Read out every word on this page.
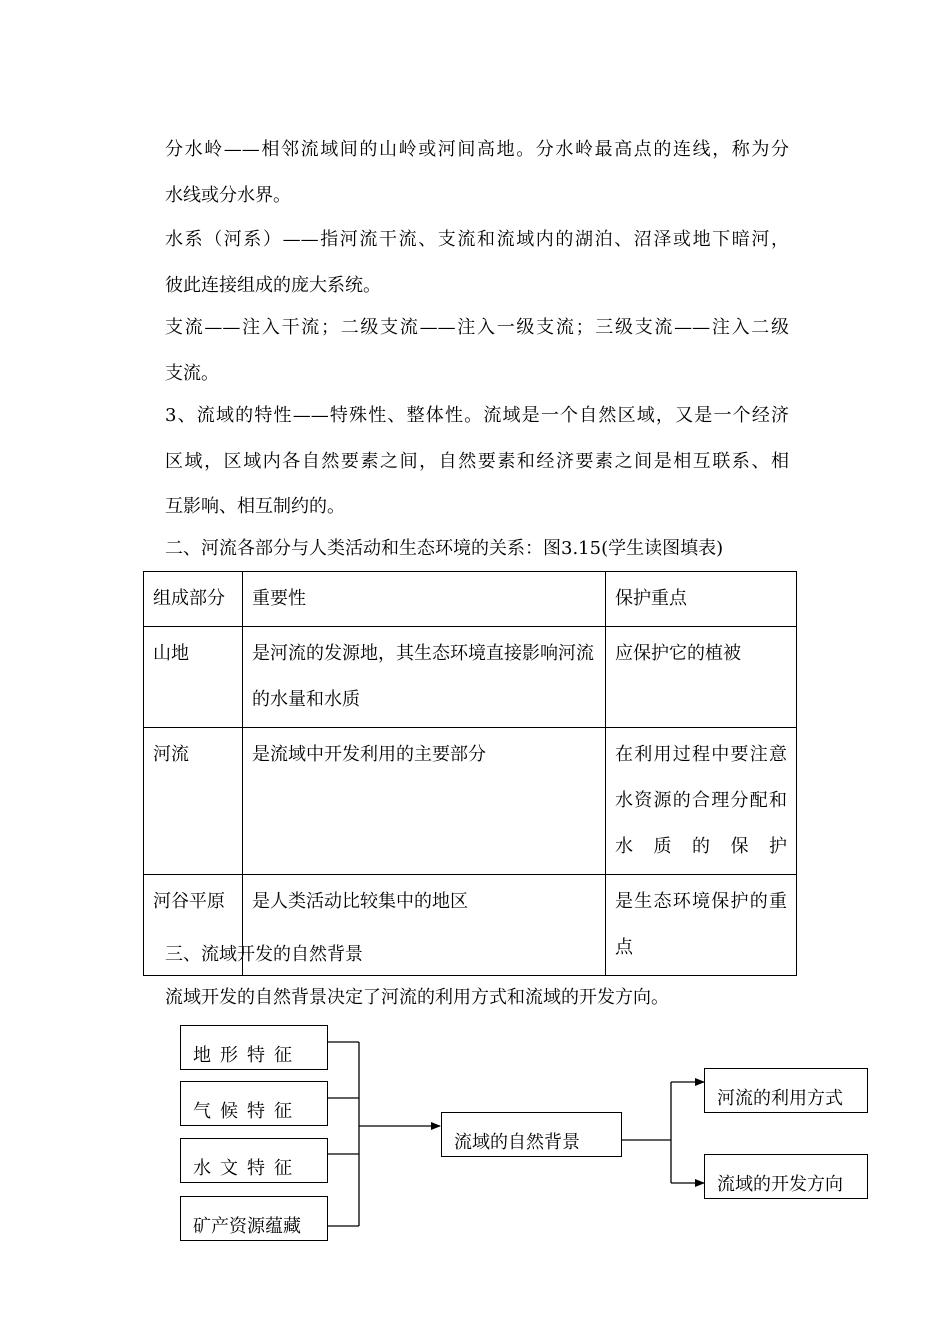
分水岭——相邻流域间的山岭或河间高地。分水岭最高点的连线，称为分

水线或分水界。

水系（河系）——指河流干流、支流和流域内的湖泊、沼泽或地下暗河，

彼此连接组成的庞大系统。

支流——注入干流；二级支流——注入一级支流；三级支流——注入二级

支流。

3、流域的特性——特殊性、整体性。流域是一个自然区域，又是一个经济

区域，区域内各自然要素之间，自然要素和经济要素之间是相互联系、相

互影响、相互制约的。

二、河流各部分与人类活动和生态环境的关系：图3.15(学生读图填表)

组成部分	重要性	保护重点
山地	是河流的发源地，其生态环境直接影响河流的水量和水质	应保护它的植被
河流	是流域中开发利用的主要部分	在利用过程中要注意水资源的合理分配和水质的保护
河谷平原	是人类活动比较集中的地区	是生态环境保护的重点

三、流域开发的自然背景

流域开发的自然背景决定了河流的利用方式和流域的开发方向。

地形特征
气候特征
水文特征
矿产资源蕴藏
流域的自然背景
河流的利用方式
流域的开发方向
